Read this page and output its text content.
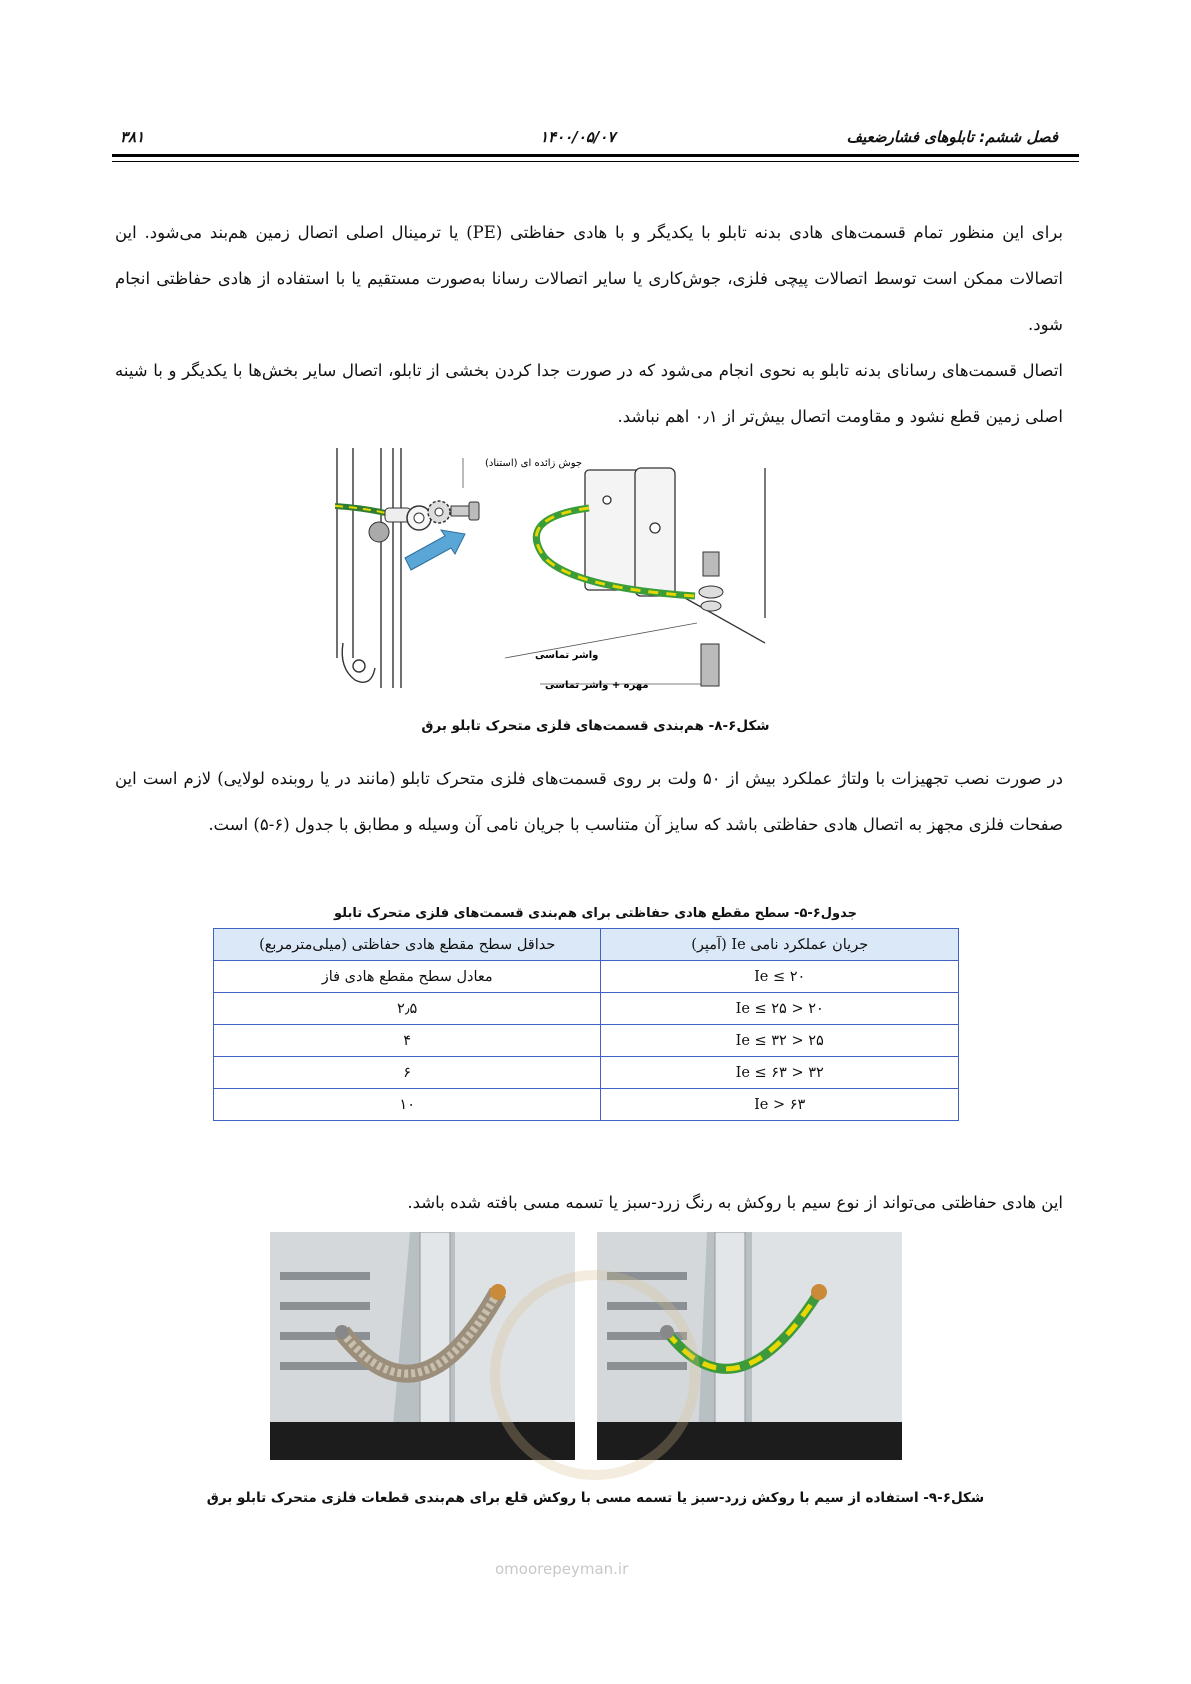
فصل ششم: تابلوهای فشارضعیف
۱۴۰۰/۰۵/۰۷
۳۸۱

برای این منظور تمام قسمت‌های هادی بدنه تابلو با یکدیگر و با هادی حفاظتی (PE) یا ترمینال اصلی اتصال زمین هم‌بند می‌شود. این اتصالات ممکن است توسط اتصالات پیچی فلزی، جوش‌کاری یا سایر اتصالات رسانا به‌صورت مستقیم یا با استفاده از هادی حفاظتی انجام شود.

اتصال قسمت‌های رسانای بدنه تابلو به نحوی انجام می‌شود که در صورت جدا کردن بخشی از تابلو، اتصال سایر بخش‌ها با یکدیگر و با شینه اصلی زمین قطع نشود و مقاومت اتصال بیش‌تر از ۰٫۱ اهم نباشد.

جوش زائده ای (استناد)
واشر تماسی
مهره + واشر تماسی
شکل۶-۸- هم‌بندی قسمت‌های فلزی متحرک تابلو برق
در صورت نصب تجهیزات با ولتاژ عملکرد بیش از ۵۰ ولت بر روی قسمت‌های فلزی متحرک تابلو (مانند در یا روبنده لولایی) لازم است این صفحات فلزی مجهز به اتصال هادی حفاظتی باشد که سایز آن متناسب با جریان نامی آن وسیله و مطابق با جدول (۶-۵) است.
جدول۶-۵- سطح مقطع هادی حفاظتی برای هم‌بندی قسمت‌های فلزی متحرک تابلو
جریان عملکرد نامی Ie (آمپر)	حداقل سطح مقطع هادی حفاظتی (میلی‌مترمربع)
Ie ≤ ۲۰	معادل سطح مقطع هادی فاز
۲۰ < Ie ≤ ۲۵	۲٫۵
۲۵ < Ie ≤ ۳۲	۴
۳۲ < Ie ≤ ۶۳	۶
۶۳ < Ie	۱۰
این هادی حفاظتی می‌تواند از نوع سیم با روکش به رنگ زرد-سبز یا تسمه مسی بافته شده باشد.
شکل۶-۹- استفاده از سیم با روکش زرد-سبز یا تسمه مسی با روکش قلع برای هم‌بندی قطعات فلزی متحرک تابلو برق
omoorepeyman.ir
